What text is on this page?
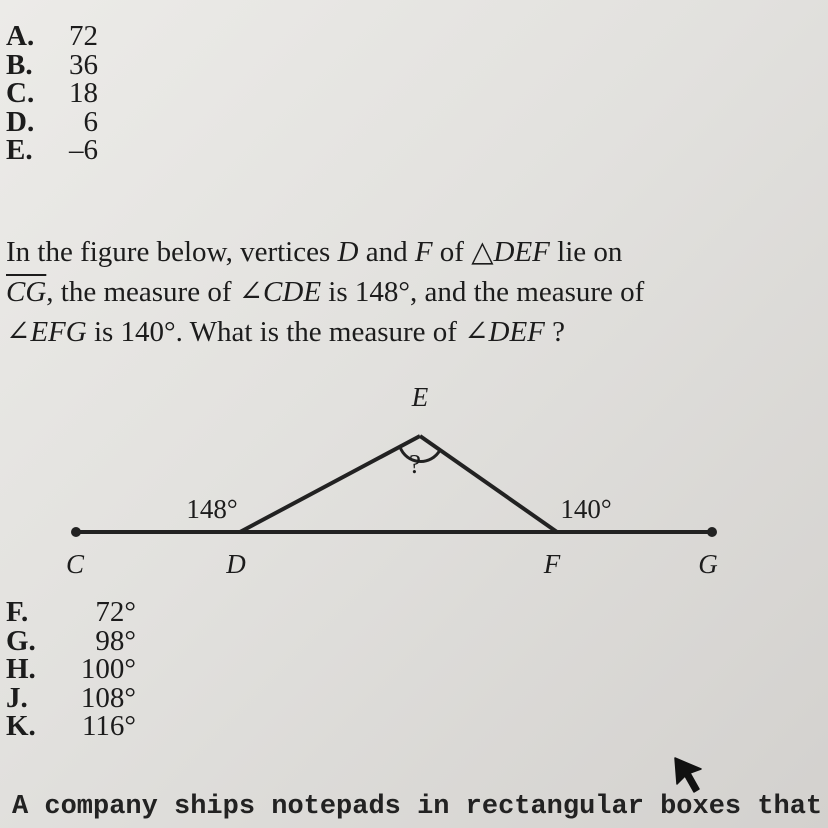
A.	72
B.	36
C.	18
D.	6
E.	–6

In the figure below, vertices D and F of △DEF lie on
$\overline{CG}$, the measure of ∠CDE is 148°, and the measure of
∠EFG is 140°. What is the measure of ∠DEF ?

E
?
148°	140°
C	D	F	G
F.	72°
G.	98°
H.	100°
J.	108°
K.	116°
A company ships notepads in rectangular boxes that
